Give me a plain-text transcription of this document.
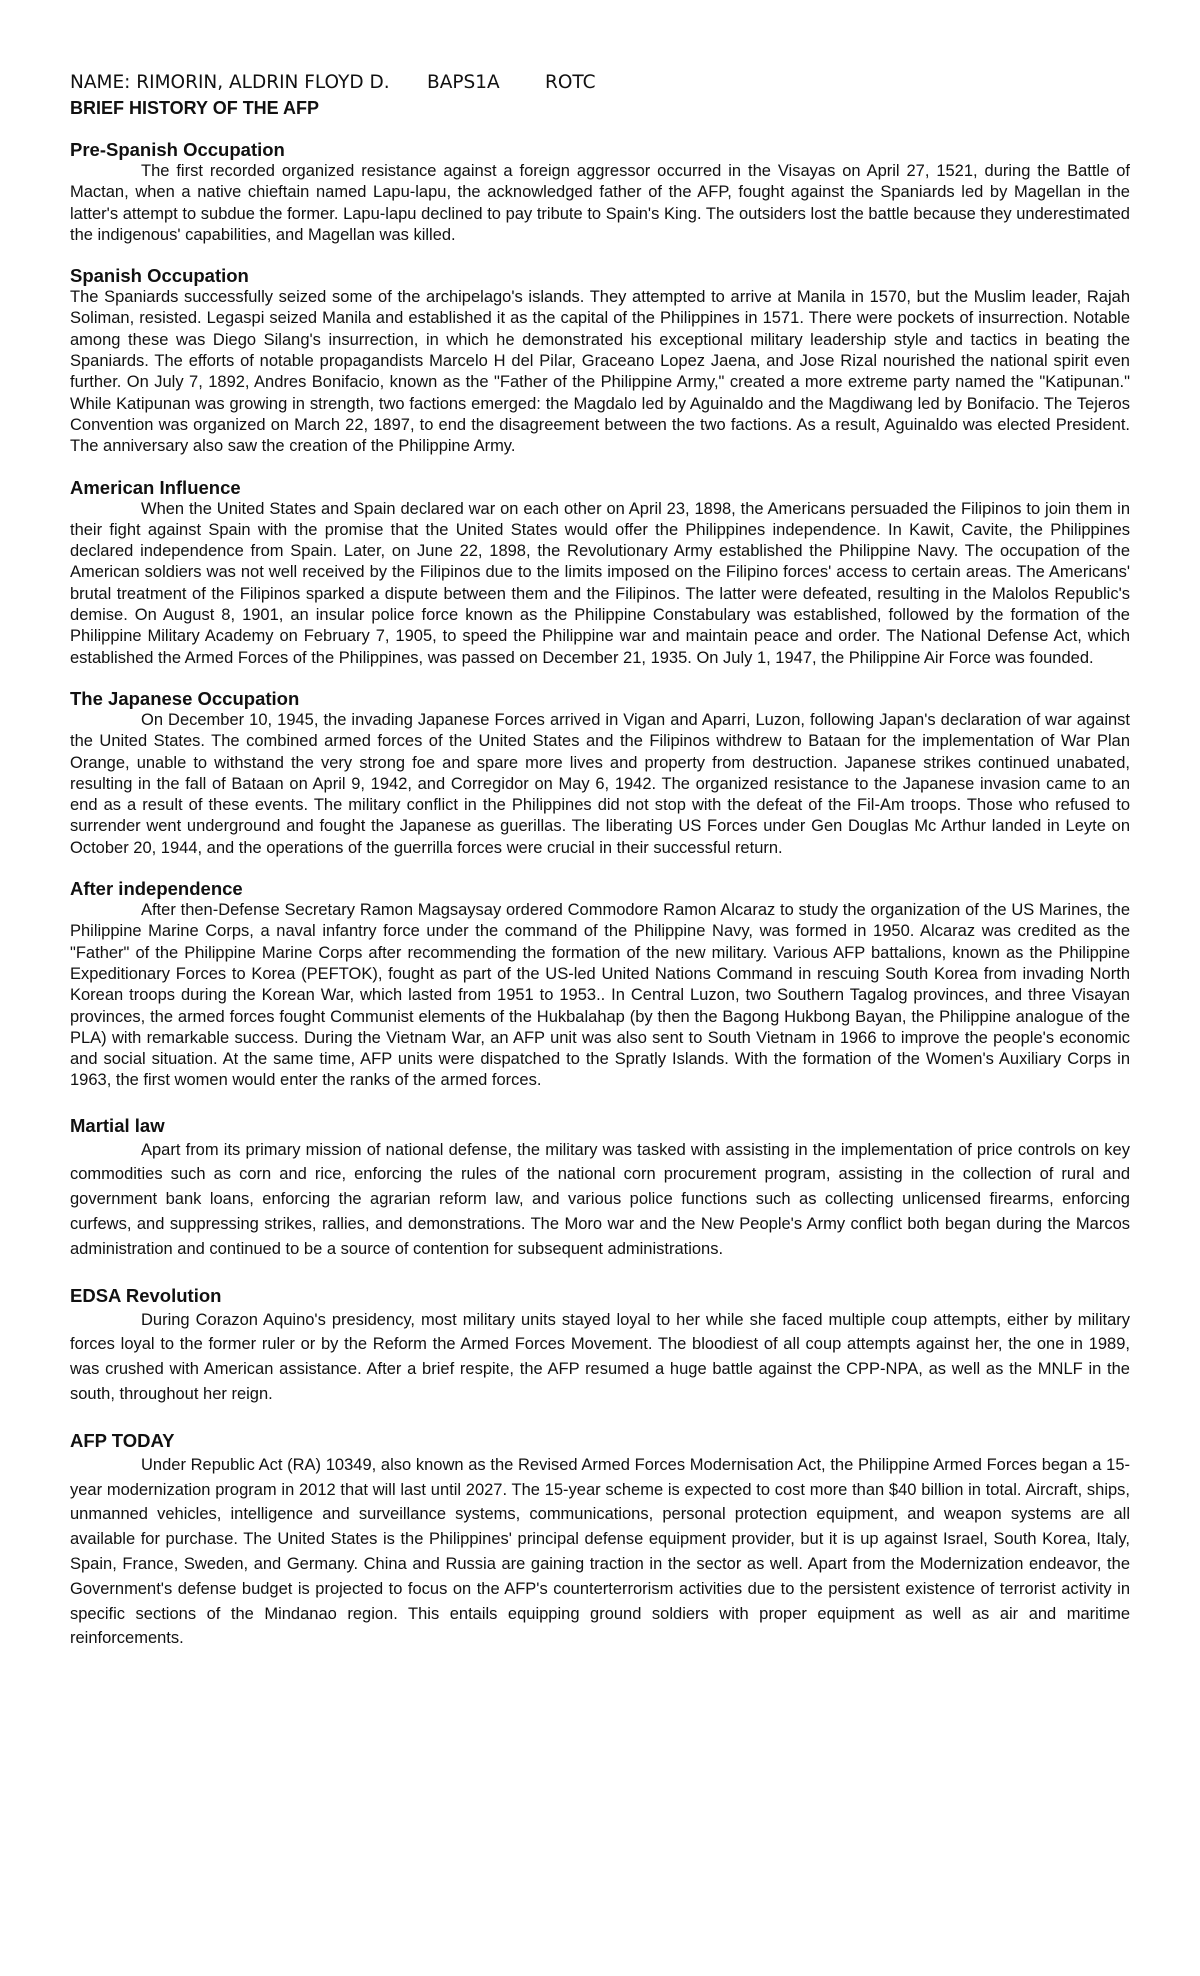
NAME: RIMORIN, ALDRIN FLOYD D.	BAPS1A	ROTC
BRIEF HISTORY OF THE AFP
Pre-Spanish Occupation

The first recorded organized resistance against a foreign aggressor occurred in the Visayas on April 27, 1521, during the Battle of Mactan, when a native chieftain named Lapu-lapu, the acknowledged father of the AFP, fought against the Spaniards led by Magellan in the latter's attempt to subdue the former. Lapu-lapu declined to pay tribute to Spain's King. The outsiders lost the battle because they underestimated the indigenous' capabilities, and Magellan was killed.

Spanish Occupation

The Spaniards successfully seized some of the archipelago's islands. They attempted to arrive at Manila in 1570, but the Muslim leader, Rajah Soliman, resisted. Legaspi seized Manila and established it as the capital of the Philippines in 1571. There were pockets of insurrection. Notable among these was Diego Silang's insurrection, in which he demonstrated his exceptional military leadership style and tactics in beating the Spaniards. The efforts of notable propagandists Marcelo H del Pilar, Graceano Lopez Jaena, and Jose Rizal nourished the national spirit even further. On July 7, 1892, Andres Bonifacio, known as the "Father of the Philippine Army," created a more extreme party named the "Katipunan." While Katipunan was growing in strength, two factions emerged: the Magdalo led by Aguinaldo and the Magdiwang led by Bonifacio. The Tejeros Convention was organized on March 22, 1897, to end the disagreement between the two factions. As a result, Aguinaldo was elected President. The anniversary also saw the creation of the Philippine Army.

American Influence

When the United States and Spain declared war on each other on April 23, 1898, the Americans persuaded the Filipinos to join them in their fight against Spain with the promise that the United States would offer the Philippines independence. In Kawit, Cavite, the Philippines declared independence from Spain. Later, on June 22, 1898, the Revolutionary Army established the Philippine Navy. The occupation of the American soldiers was not well received by the Filipinos due to the limits imposed on the Filipino forces' access to certain areas. The Americans' brutal treatment of the Filipinos sparked a dispute between them and the Filipinos. The latter were defeated, resulting in the Malolos Republic's demise. On August 8, 1901, an insular police force known as the Philippine Constabulary was established, followed by the formation of the Philippine Military Academy on February 7, 1905, to speed the Philippine war and maintain peace and order. The National Defense Act, which established the Armed Forces of the Philippines, was passed on December 21, 1935. On July 1, 1947, the Philippine Air Force was founded.

The Japanese Occupation

On December 10, 1945, the invading Japanese Forces arrived in Vigan and Aparri, Luzon, following Japan's declaration of war against the United States. The combined armed forces of the United States and the Filipinos withdrew to Bataan for the implementation of War Plan Orange, unable to withstand the very strong foe and spare more lives and property from destruction. Japanese strikes continued unabated, resulting in the fall of Bataan on April 9, 1942, and Corregidor on May 6, 1942. The organized resistance to the Japanese invasion came to an end as a result of these events. The military conflict in the Philippines did not stop with the defeat of the Fil-Am troops. Those who refused to surrender went underground and fought the Japanese as guerillas. The liberating US Forces under Gen Douglas Mc Arthur landed in Leyte on October 20, 1944, and the operations of the guerrilla forces were crucial in their successful return.

After independence

After then-Defense Secretary Ramon Magsaysay ordered Commodore Ramon Alcaraz to study the organization of the US Marines, the Philippine Marine Corps, a naval infantry force under the command of the Philippine Navy, was formed in 1950. Alcaraz was credited as the "Father" of the Philippine Marine Corps after recommending the formation of the new military. Various AFP battalions, known as the Philippine Expeditionary Forces to Korea (PEFTOK), fought as part of the US-led United Nations Command in rescuing South Korea from invading North Korean troops during the Korean War, which lasted from 1951 to 1953.. In Central Luzon, two Southern Tagalog provinces, and three Visayan provinces, the armed forces fought Communist elements of the Hukbalahap (by then the Bagong Hukbong Bayan, the Philippine analogue of the PLA) with remarkable success. During the Vietnam War, an AFP unit was also sent to South Vietnam in 1966 to improve the people's economic and social situation. At the same time, AFP units were dispatched to the Spratly Islands. With the formation of the Women's Auxiliary Corps in 1963, the first women would enter the ranks of the armed forces.

Martial law

Apart from its primary mission of national defense, the military was tasked with assisting in the implementation of price controls on key commodities such as corn and rice, enforcing the rules of the national corn procurement program, assisting in the collection of rural and government bank loans, enforcing the agrarian reform law, and various police functions such as collecting unlicensed firearms, enforcing curfews, and suppressing strikes, rallies, and demonstrations. The Moro war and the New People's Army conflict both began during the Marcos administration and continued to be a source of contention for subsequent administrations.

EDSA Revolution

During Corazon Aquino's presidency, most military units stayed loyal to her while she faced multiple coup attempts, either by military forces loyal to the former ruler or by the Reform the Armed Forces Movement. The bloodiest of all coup attempts against her, the one in 1989, was crushed with American assistance. After a brief respite, the AFP resumed a huge battle against the CPP-NPA, as well as the MNLF in the south, throughout her reign.

AFP TODAY

Under Republic Act (RA) 10349, also known as the Revised Armed Forces Modernisation Act, the Philippine Armed Forces began a 15-year modernization program in 2012 that will last until 2027. The 15-year scheme is expected to cost more than $40 billion in total. Aircraft, ships, unmanned vehicles, intelligence and surveillance systems, communications, personal protection equipment, and weapon systems are all available for purchase. The United States is the Philippines' principal defense equipment provider, but it is up against Israel, South Korea, Italy, Spain, France, Sweden, and Germany. China and Russia are gaining traction in the sector as well. Apart from the Modernization endeavor, the Government's defense budget is projected to focus on the AFP's counterterrorism activities due to the persistent existence of terrorist activity in specific sections of the Mindanao region. This entails equipping ground soldiers with proper equipment as well as air and maritime reinforcements.
